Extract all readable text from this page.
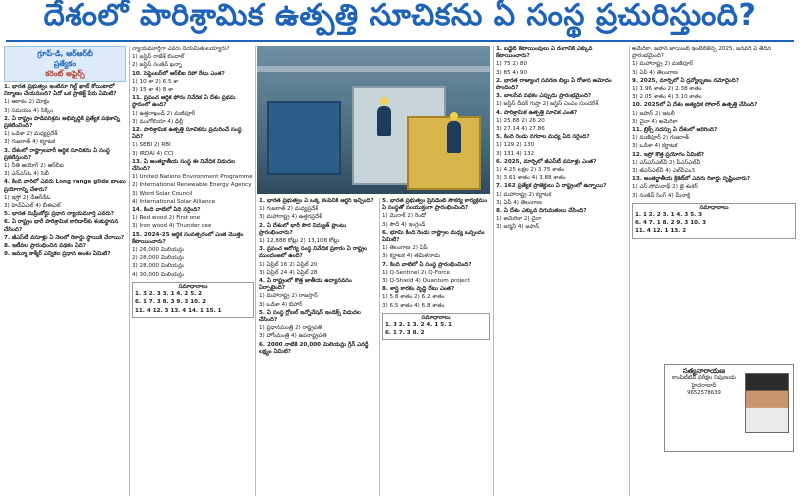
దేశంలో పారిశ్రామిక ఉత్పత్తి సూచికను ఏ సంస్థ ప్రచురిస్తుంది?
గ్రూప్-డి, ఆర్ఆర్‌బీ
ప్రత్యేకం
కరెంట్ అఫైర్స్

1. భారత ప్రభుత్వం ఇంటిమా గిల్ట్ ఖాట్ కోయిటాలో నిర్మాణం చేయనుంది? ఏదో ఒక ప్రాజెక్ట్ పేరు ఏమిటి?

1) ఆకాశం 2) మోక్షం

3) సమయం 4) సిక్కిం

2. ఏ రాష్ట్రం పాడిపరిశ్రమ అభివృద్ధికి ప్రత్యేక పథకాన్ని ప్రకటించింది?

1) ఒడిశా 2) మధ్యప్రదేశ్

3) గుజరాత్ 4) కర్ణాటక

3. దేశంలో రాష్ట్రాలవారీ ఆర్థిక సూచికను ఏ సంస్థ ప్రకటిస్తుంది?

1) నీతి ఆయోగ్ 2) ఆర్‌బీఐ

3) ఎన్‌ఎస్‌ఓ 4) సెబీ

4. కింది వారిలో ఎవరు Long range glide బాంబు ప్రయోగాన్ని చేశారు?

1) ఇస్రో 2) డీఆర్‌డీఓ

3) హెచ్‌ఏఎల్ 4) బీఈఎల్

5. భారత సుప్రీంకోర్టు ప్రధాన న్యాయమూర్తి ఎవరు?

6. ఏ రాష్ట్రం భారీ పారిశ్రామిక కారిడార్‌కు శంకుస్థాపన చేసింది?

7. జీఎస్‌టీ వసూళ్లు ఏ నెలలో రికార్డు స్థాయికి చేరాయి?

8. ఇటీవల ప్రారంభించిన పథకం ఏది?

9. జమ్మూ కాశ్మీర్ ఎన్నికల ప్రధాన అంశం ఏమిటి?

న్యాయమూర్తిగా ఎవరు నియమితులయ్యారు?

1) జస్టిస్ రాజేశ్ బిందాల్

2) జస్టిస్ సంజీవ్ ఖన్నా

10. సెప్టెంబర్‌లో ఆర్‌బీఐ రెపో రేటు ఎంత?

1) 10 శా 2) 6.5 శా

3) 15 శా 4) 8 శా

11. ప్రపంచ ఆర్థిక ఫోరం నివేదిక ఏ దేశం ప్రథమ స్థానంలో ఉంది?

1) ఉత్తరాఖండ్ 2) మణిపూర్

3) మంగోలియా 4) ఢిల్లీ

12. పారిశ్రామిక ఉత్పత్తి సూచికను ప్రచురించే సంస్థ ఏది?

1) SEBI 2) RBI

3) IRDAI 4) CCI

13. ఏ అంతర్జాతీయ సంస్థ ఈ నివేదిక విడుదల చేసింది?

1) United Nations Environment Programme

2) International Renewable Energy Agency

3) Word Solar Council

4) International Solar Alliance

14. కింది వాటిలో ఏది సరైంది?

1) Red wood 2) First one

3) Iron wood 4) Thunder cee

15. 2024-25 ఆర్థిక సంవత్సరంలో ఎంత మొత్తం కేటాయించారు?

1) 26,000 మిలియన్లు

2) 28,000 మిలియన్లు

3) 28,000 మిలియన్లు

4) 30,000 మిలియన్లు

సమాధానాలు

1. 3 2. 3 3. 1 4. 2 5. 2

6. 1 7. 3 8. 3 9. 3 10. 2

11. 4 12. 3 13. 4 14. 1 15. 1

1. భారత ప్రభుత్వం ఏ ఒక్క కంపెనీకి ఆర్డర్ ఇచ్చింది?

1) గుజరాత్ 2) మధ్యప్రదేశ్

3) మహారాష్ట్ర 4) ఉత్తరప్రదేశ్

2. ఏ దేశంలో భారీ సౌర విద్యుత్ ప్లాంటు ప్రారంభించారు?

1) 12,888 కోట్లు 2) 13,108 కోట్లు

3. ప్రపంచ ఆరోగ్య సంస్థ నివేదిక ప్రకారం ఏ రాష్ట్రం ముందంజలో ఉంది?

1) ఏప్రిల్ 16 2) ఏప్రిల్ 20

3) ఏప్రిల్ 24 4) ఏప్రిల్ 28

4. ఏ రాష్ట్రంలో కొత్త జాతీయ ఉద్యానవనం ఏర్పాటైంది?

1) మహారాష్ట్ర 2) రాజస్తాన్

3) ఒడిశా 4) బిహార్

5. ఏ సంస్థ గ్లోబల్ ఇన్నోవేషన్ ఇండెక్స్ విడుదల చేసింది?

1) ప్రధానమంత్రి 2) రాష్ట్రపతి

3) హోంమంత్రి 4) ఉపరాష్ట్రపతి

6. 2000 నాటికి 20,000 మిలియన్లు గ్రీన్ ఎనర్జీ లక్ష్యం ఏమిటి?

5. భారత ప్రభుత్వం ప్రెసిడెంట్ సౌకర్య కార్యక్రమం ఏ సంస్థతో సంయుక్తంగా ప్రారంభించింది?

1) మొరాక్ 2) రెండో

3) సౌదీ 4) ఇంగ్లండ్

6. భూమి కింది రెండు రాష్ట్రాల మధ్య ఒప్పందం ఏమిటి?

1) తెలంగాణ 2) ఏపీ

3) కర్ణాటక 4) తమిళనాడు

7. కింది వాటిలో ఏ సంస్థ ప్రారంభించింది?

1) Q-Sentinel 2) Q-Force

3) Q-Shield 4) Quantum project

8. శాస్త్ర కారకం వృద్ధి రేటు ఎంత?

1) 5.8 శాతం 2) 6.2 శాతం

3) 6.5 శాతం 4) 6.8 శాతం

సమాధానాలు

1. 3 2. 1 3. 2 4. 1 5. 1

6. 1 7. 3 8. 2

1. బడ్జెట్ కేటాయింపులు ఏ రంగానికి ఎక్కువ కేటాయించారు?

1) 75 2) 80

3) 85 4) 90

2. భారత రాజ్యాంగ సవరణ బిల్లు ఏ రోజున ఆమోదం పొందింది?

3. బాలసేవ పథకం ఎప్పుడు ప్రారంభమైంది?

1) జస్టిస్ దీపక్ గుప్తా 2) జస్టిస్ ఎంఎం సుందరేశ్

4. పారిశ్రామిక ఉత్పత్తి సూచిక ఎంత?

1) 25.88 2) 26.20

3) 27.14 4) 27.86

5. కింది రెండు నగరాల మధ్య ఏది సరైంది?

1) 129 2) 130

3) 131 4) 132

6. 2025, మార్చిలో జీఎస్‌టీ వసూళ్లు ఎంత?

1) 4.25 లక్షల 2) 3.75 శాతం

3) 3.61 శాతం 4) 3.88 శాతం

7. 162 ప్రత్యేక ప్రాజెక్టులు ఏ రాష్ట్రంలో ఉన్నాయి?

1) మహారాష్ట్ర 2) కర్ణాటక

3) ఏపీ 4) తెలంగాణ

8. ఏ దేశం ఎక్కువ దిగుమతులు చేసింది?

1) అమెరికా 2) చైనా

3) జర్మనీ 4) జపాన్

అమెరికా, జపాన్ జాయింట్ ఇంటెలిజెన్స్ 2025, జనవరి ఏ తేదీన ప్రారంభమైంది?

1) మహారాష్ట్ర 2) మణిపూర్

3) ఏపీ 4) తెలంగాణ

9. 2025, మార్చిలో ఏ ద్రవ్యోల్బణం నమోదైంది?

1) 1.96 శాతం 2) 2.38 శాతం

3) 2.05 శాతం 4) 3.10 శాతం

10. 2025లో ఏ దేశం అత్యధిక సోలార్ ఉత్పత్తి చేసింది?

1) జపాన్ 2) ఇటలీ

3) చైనా 4) అమెరికా

11. బ్రిక్స్ సదస్సు ఏ దేశంలో జరిగింది?

1) మణిపూర్ 2) గుజరాత్

3) ఒడిశా 4) కర్ణాటక

12. ఇస్రో కొత్త ప్రయోగం ఏమిటి?

1) ఎస్‌ఎస్‌ఎల్‌వీ 2) పీఎస్‌ఎల్‌వీ

3) జీఎస్‌ఎల్‌వీ 4) ఎల్‌వీఎం3

13. అంతర్జాతీయ క్రికెట్‌లో ఎవరు రికార్డు సృష్టించారు?

1) ఎస్.సోమనాథ్ 2) జై శంకర్

3) సంజీవ్ సింగ్ 4) మీనాక్షి

సమాధానాలు

1. 1 2. 2 3. 1 4. 3 5. 3

6. 4 7. 1 8. 2 9. 3 10. 3

11. 4 12. 1 13. 2

సత్యనారాయణ
కాంపిటీటివ్ పరీక్షల నిపుణుడు
హైదరాబాద్
9652578639
